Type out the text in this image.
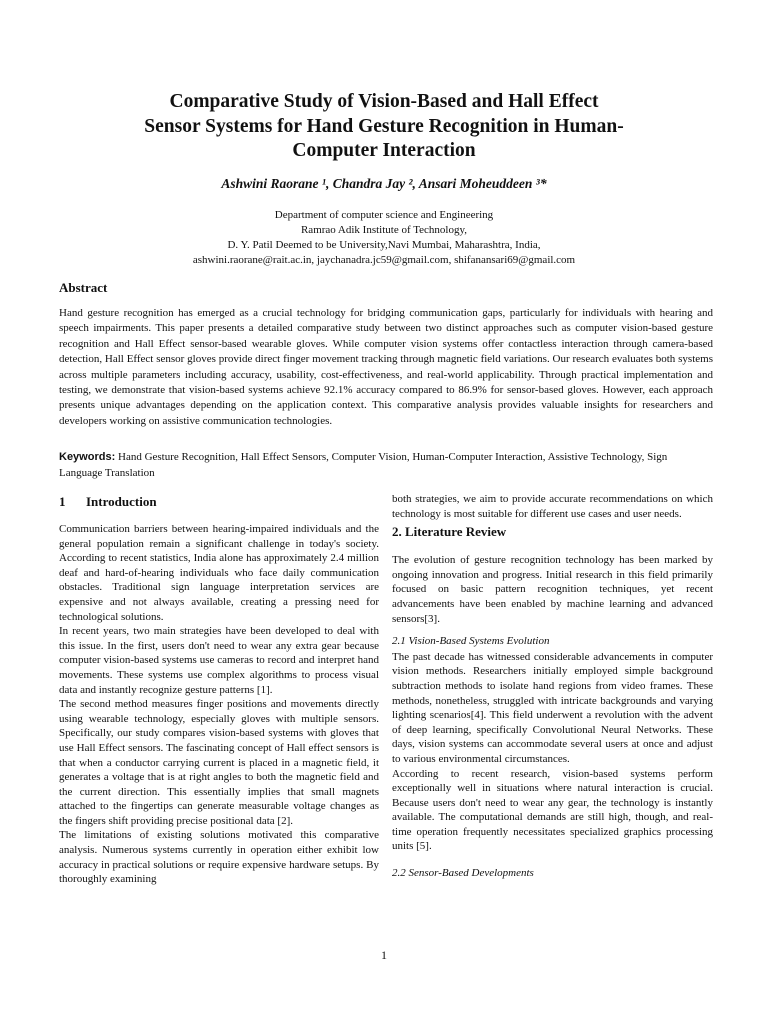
Comparative Study of Vision-Based and Hall Effect
Sensor Systems for Hand Gesture Recognition in Human-
Computer Interaction
Ashwini Raorane ¹, Chandra Jay ², Ansari Moheuddeen ³*
Department of computer science and Engineering
Ramrao Adik Institute of Technology,
D. Y. Patil Deemed to be University,Navi Mumbai, Maharashtra, India,
ashwini.raorane@rait.ac.in, jaychanadra.jc59@gmail.com, shifanansari69@gmail.com
Abstract

Hand gesture recognition has emerged as a crucial technology for bridging communication gaps, particularly for individuals with hearing and speech impairments. This paper presents a detailed comparative study between two distinct approaches such as computer vision-based gesture recognition and Hall Effect sensor-based wearable gloves. While computer vision systems offer contactless interaction through camera-based detection, Hall Effect sensor gloves provide direct finger movement tracking through magnetic field variations. Our research evaluates both systems across multiple parameters including accuracy, usability, cost-effectiveness, and real-world applicability. Through practical implementation and testing, we demonstrate that vision-based systems achieve 92.1% accuracy compared to 86.9% for sensor-based gloves. However, each approach presents unique advantages depending on the application context. This comparative analysis provides valuable insights for researchers and developers working on assistive communication technologies.

Keywords: Hand Gesture Recognition, Hall Effect Sensors, Computer Vision, Human-Computer Interaction, Assistive Technology, Sign Language Translation

1 Introduction

Communication barriers between hearing-impaired individuals and the general population remain a significant challenge in today's society. According to recent statistics, India alone has approximately 2.4 million deaf and hard-of-hearing individuals who face daily communication obstacles. Traditional sign language interpretation services are expensive and not always available, creating a pressing need for technological solutions.

In recent years, two main strategies have been developed to deal with this issue. In the first, users don't need to wear any extra gear because computer vision-based systems use cameras to record and interpret hand movements. These systems use complex algorithms to process visual data and instantly recognize gesture patterns [1].

The second method measures finger positions and movements directly using wearable technology, especially gloves with multiple sensors. Specifically, our study compares vision-based systems with gloves that use Hall Effect sensors. The fascinating concept of Hall effect sensors is that when a conductor carrying current is placed in a magnetic field, it generates a voltage that is at right angles to both the magnetic field and the current direction. This essentially implies that small magnets attached to the fingertips can generate measurable voltage changes as the fingers shift providing precise positional data [2].

The limitations of existing solutions motivated this comparative analysis. Numerous systems currently in operation either exhibit low accuracy in practical solutions or require expensive hardware setups. By thoroughly examining

both strategies, we aim to provide accurate recommendations on which technology is most suitable for different use cases and user needs.

2. Literature Review

The evolution of gesture recognition technology has been marked by ongoing innovation and progress. Initial research in this field primarily focused on basic pattern recognition techniques, yet recent advancements have been enabled by machine learning and advanced sensors[3].

2.1 Vision-Based Systems Evolution

The past decade has witnessed considerable advancements in computer vision methods. Researchers initially employed simple background subtraction methods to isolate hand regions from video frames. These methods, nonetheless, struggled with intricate backgrounds and varying lighting scenarios[4]. This field underwent a revolution with the advent of deep learning, specifically Convolutional Neural Networks. These days, vision systems can accommodate several users at once and adjust to various environmental circumstances.

According to recent research, vision-based systems perform exceptionally well in situations where natural interaction is crucial. Because users don't need to wear any gear, the technology is instantly available. The computational demands are still high, though, and real-time operation frequently necessitates specialized graphics processing units [5].

2.2 Sensor-Based Developments
1
